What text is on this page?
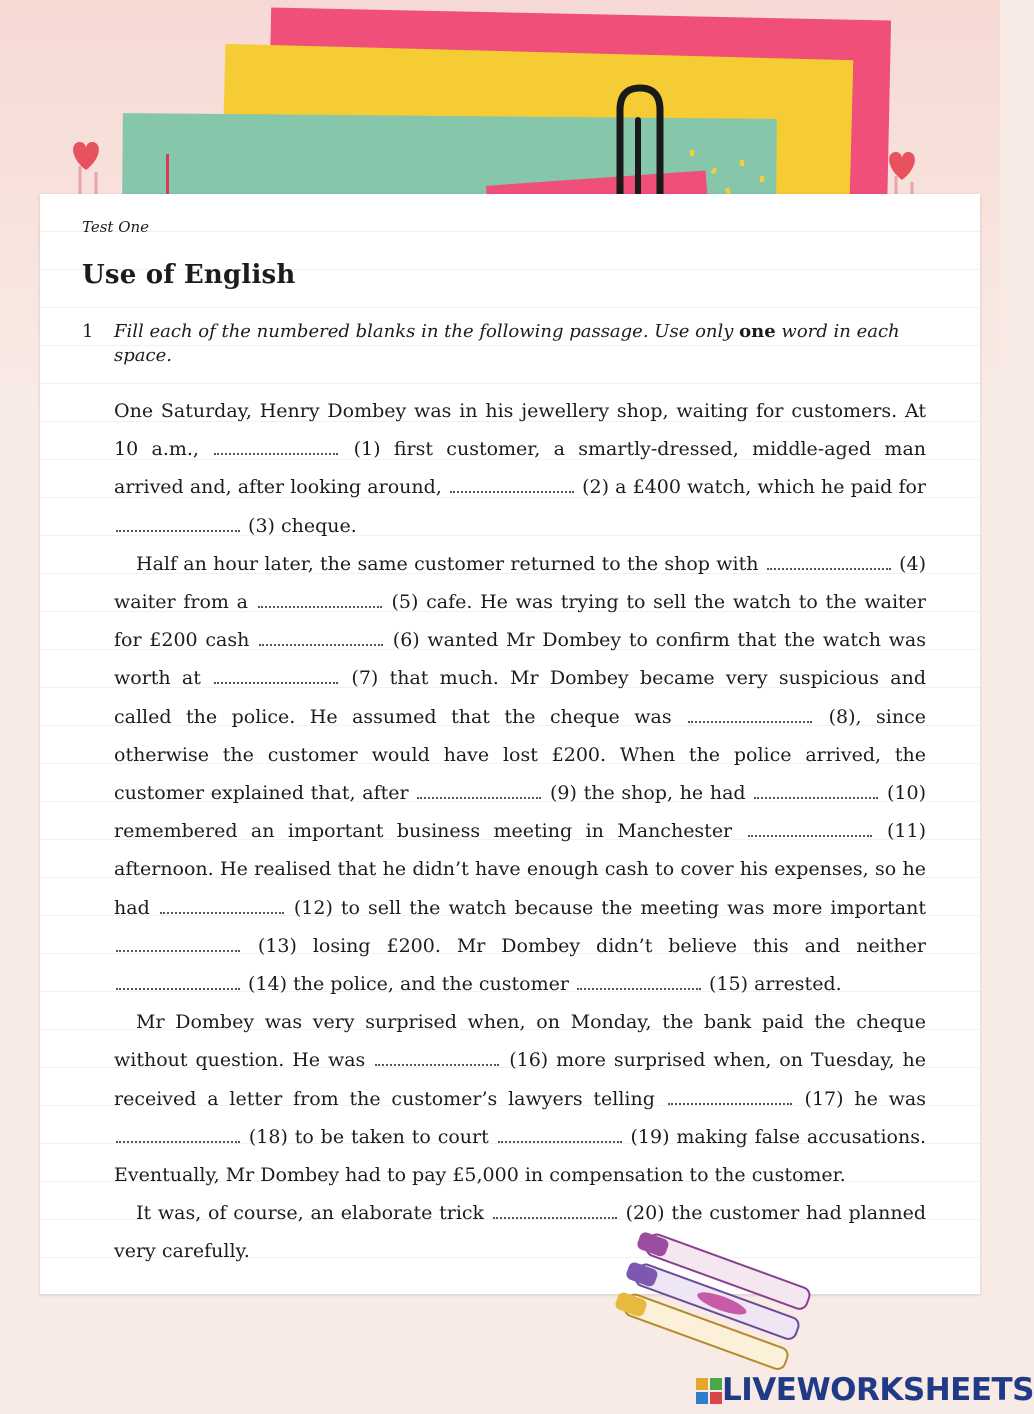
Test One
Use of English
1 Fill each of the numbered blanks in the following passage. Use only one word in each space.

One Saturday, Henry Dombey was in his jewellery shop, waiting for customers. At 10 a.m.,	(1) first customer, a smartly-dressed, middle-aged man arrived and, after looking around,	(2) a £400 watch, which he paid for  (3) cheque.

Half an hour later, the same customer returned to the shop with	(4) waiter from a	(5) cafe. He was trying to sell the watch to the waiter for £200 cash	(6) wanted Mr Dombey to confirm that the watch was worth at	(7) that much. Mr Dombey became very suspicious and called the police. He assumed that the cheque was	(8), since otherwise the customer would have lost £200. When the police arrived, the customer explained that, after	(9) the shop, he had	(10) remembered an important business meeting in Manchester	(11) afternoon. He realised that he didn’t have enough cash to cover his expenses, so he had	(12) to sell the watch because the meeting was more important  (13) losing £200. Mr Dombey didn’t believe this and neither  (14) the police, and the customer	(15) arrested.

Mr Dombey was very surprised when, on Monday, the bank paid the cheque without question. He was	(16) more surprised when, on Tuesday, he received a letter from the customer’s lawyers telling	(17) he was  (18) to be taken to court	(19) making false accusations. Eventually, Mr Dombey had to pay £5,000 in compensation to the customer.

It was, of course, an elaborate trick	(20) the customer had planned very carefully.

LIVEWORKSHEETS
